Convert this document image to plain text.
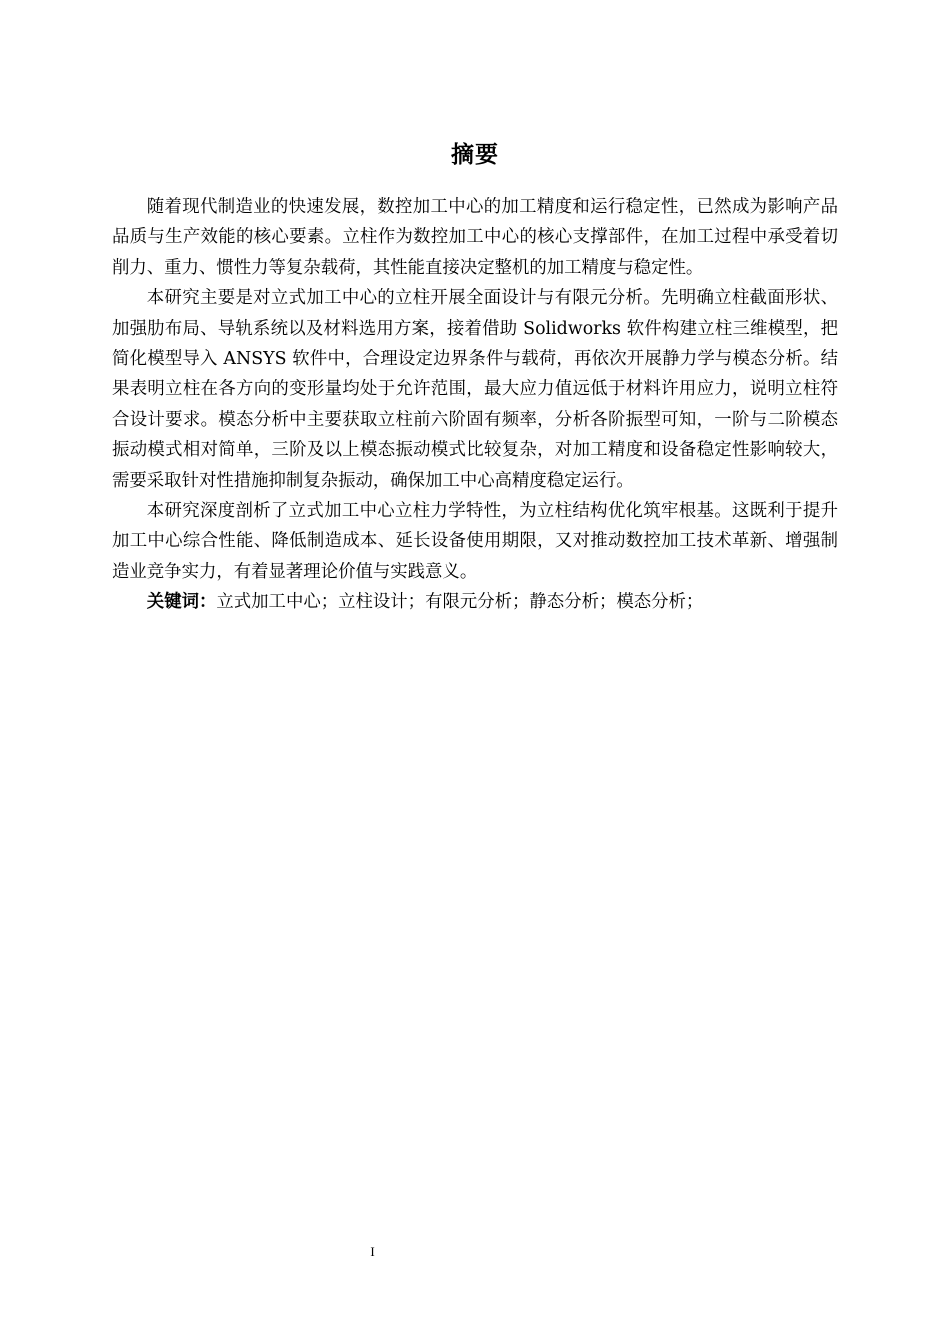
摘要

随着现代制造业的快速发展，数控加工中心的加工精度和运行稳定性，已然成为影响产品品质与生产效能的核心要素。立柱作为数控加工中心的核心支撑部件，在加工过程中承受着切削力、重力、惯性力等复杂载荷，其性能直接决定整机的加工精度与稳定性。

本研究主要是对立式加工中心的立柱开展全面设计与有限元分析。先明确立柱截面形状、加强肋布局、导轨系统以及材料选用方案，接着借助 Solidworks 软件构建立柱三维模型，把简化模型导入 ANSYS 软件中，合理设定边界条件与载荷，再依次开展静力学与模态分析。结果表明立柱在各方向的变形量均处于允许范围，最大应力值远低于材料许用应力，说明立柱符合设计要求。模态分析中主要获取立柱前六阶固有频率，分析各阶振型可知，一阶与二阶模态振动模式相对简单，三阶及以上模态振动模式比较复杂，对加工精度和设备稳定性影响较大，需要采取针对性措施抑制复杂振动，确保加工中心高精度稳定运行。

本研究深度剖析了立式加工中心立柱力学特性，为立柱结构优化筑牢根基。这既利于提升加工中心综合性能、降低制造成本、延长设备使用期限，又对推动数控加工技术革新、增强制造业竞争实力，有着显著理论价值与实践意义。

关键词：立式加工中心；立柱设计；有限元分析；静态分析；模态分析；

I
